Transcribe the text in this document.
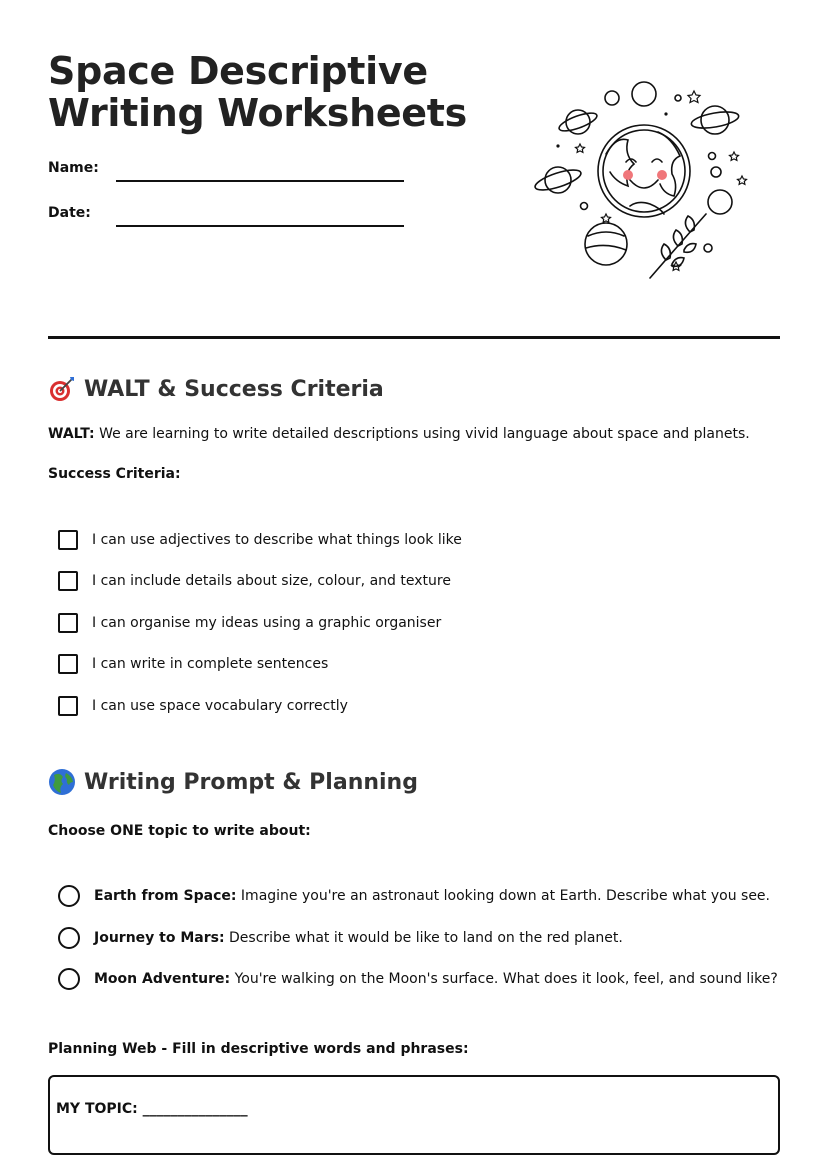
Space Descriptive Writing Worksheets
Name:
Date:
WALT & Success Criteria
WALT: We are learning to write detailed descriptions using vivid language about space and planets.
Success Criteria:
I can use adjectives to describe what things look like
I can include details about size, colour, and texture
I can organise my ideas using a graphic organiser
I can write in complete sentences
I can use space vocabulary correctly
Writing Prompt & Planning
Choose ONE topic to write about:
Earth from Space: Imagine you're an astronaut looking down at Earth. Describe what you see.
Journey to Mars: Describe what it would be like to land on the red planet.
Moon Adventure: You're walking on the Moon's surface. What does it look, feel, and sound like?
Planning Web - Fill in descriptive words and phrases:
MY TOPIC: _______________
